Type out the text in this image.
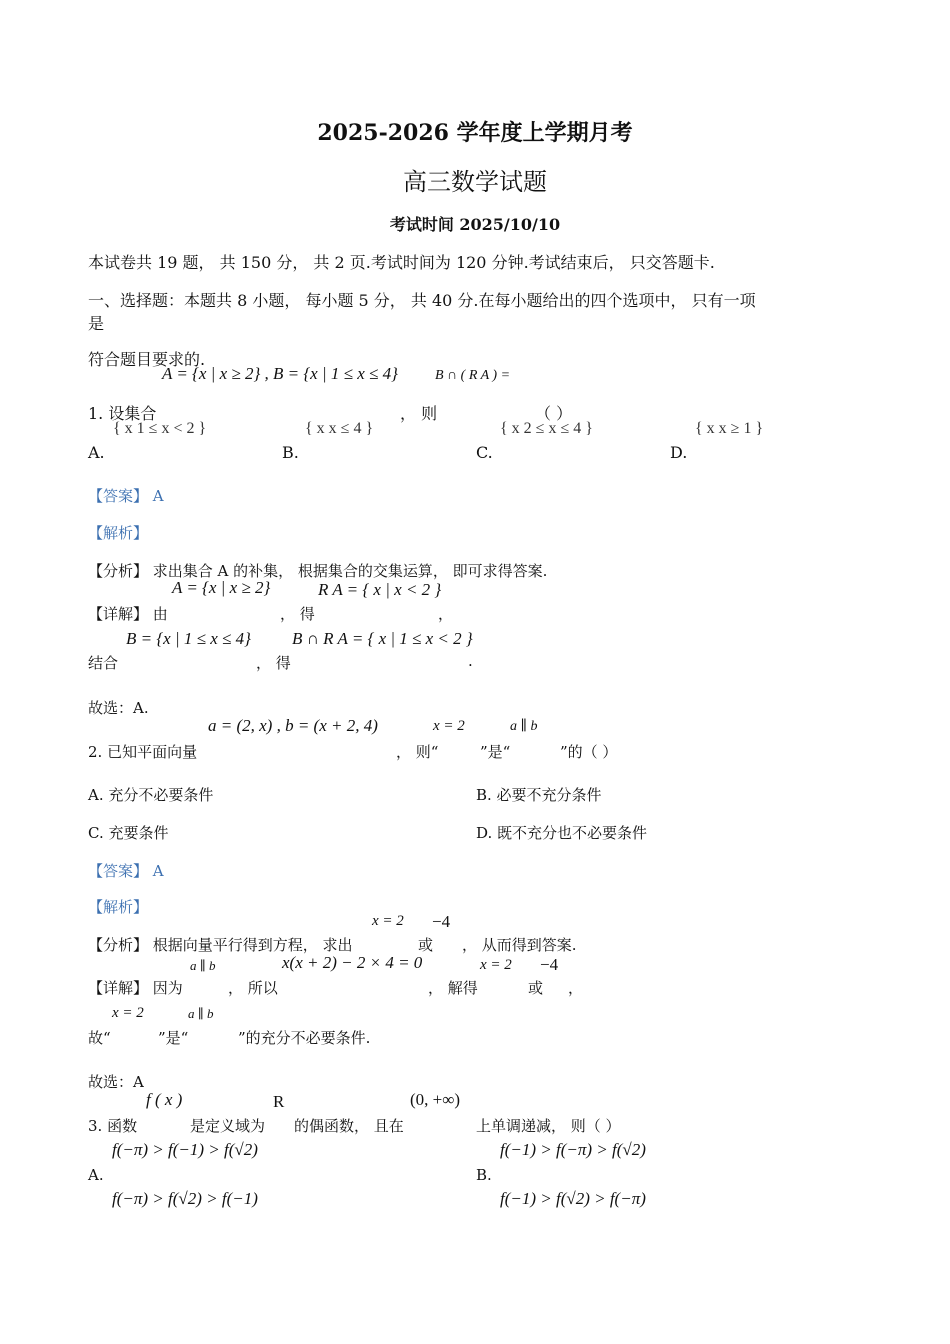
2025-2026 学年度上学期月考
高三数学试题
考试时间 2025/10/10
本试卷共 19 题， 共 150 分， 共 2 页.考试时间为 120 分钟.考试结束后， 只交答题卡.
一、选择题：本题共 8 小题， 每小题 5 分， 共 40 分.在每小题给出的四个选项中， 只有一项
是
符合题目要求的.
A = {x | x ≥ 2} , B = {x | 1 ≤ x ≤ 4}	B ∩ ( R A ) =
1. 设集合	， 则	（ ）
{ x 1 ≤ x < 2 }	{ x x ≤ 4 }	{ x 2 ≤ x ≤ 4 }	{ x x ≥ 1 }
A.	B.	C.	D.
【答案】 A
【解析】
【分析】 求出集合 A 的补集， 根据集合的交集运算， 即可求得答案.
A = {x | x ≥ 2}	R A = { x | x < 2 }
【详解】 由	， 得	，
B = {x | 1 ≤ x ≤ 4} B ∩ R A = { x | 1 ≤ x < 2 }
结合	， 得	.
故选：A.
a = (2, x) , b = (x + 2, 4)	x = 2	a ∥ b
2. 已知平面向量	， 则“	”是“	”的（ ）
A. 充分不必要条件	B. 必要不充分条件
C. 充要条件	D. 既不充分也不必要条件
【答案】 A
【解析】
x = 2 −4
【分析】 根据向量平行得到方程， 求出	或 ， 从而得到答案.
a ∥ b	x(x + 2) − 2 × 4 = 0	x = 2 −4
【详解】 因为	， 所以	， 解得	或 ，
x = 2	a ∥ b
故“	”是“	”的充分不必要条件.
故选：A
f ( x )	R	(0, +∞)
3. 函数	是定义域为 的偶函数， 且在	上单调递减， 则（ ）
f(−π) > f(−1) > f(√2)	f(−1) > f(−π) > f(√2)
A.	B.
f(−π) > f(√2) > f(−1)	f(−1) > f(√2) > f(−π)
